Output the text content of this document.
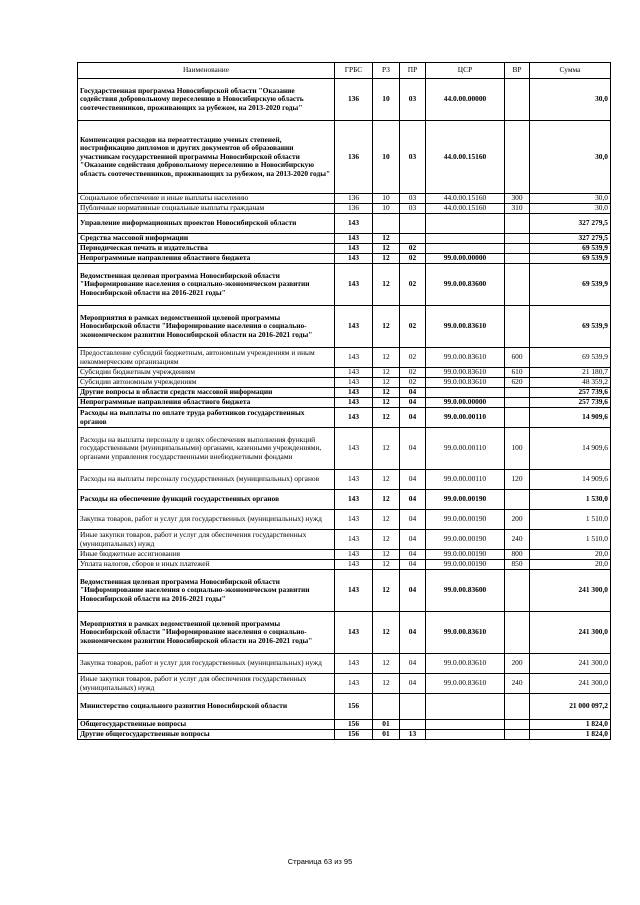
Наименование	ГРБС	РЗ	ПР	ЦСР	ВР	Сумма
Государственная программа Новосибирской области "Оказание содействия добровольному переселению в Новосибирскую область соотечественников, проживающих за рубежом, на 2013-2020 годы"	136	10	03	44.0.00.00000		30,0
Компенсация расходов на переаттестацию ученых степеней, нострификацию дипломов и других документов об образовании участникам государственной программы Новосибирской области "Оказание содействия добровольному переселению в Новосибирскую область соотечественников, проживающих за рубежом, на 2013-2020 годы"	136	10	03	44.0.00.15160		30,0
Социальное обеспечение и иные выплаты населению	136	10	03	44.0.00.15160	300	30,0
Публичные нормативные социальные выплаты гражданам	136	10	03	44.0.00.15160	310	30,0
Управление информационных проектов Новосибирской области	143					327 279,5
Средства массовой информации	143	12				327 279,5
Периодическая печать и издательства	143	12	02			69 539,9
Непрограммные направления областного бюджета	143	12	02	99.0.00.00000		69 539,9
Ведомственная целевая программа Новосибирской области "Информирование населения о социально-экономическом развитии Новосибирской области на 2016-2021 годы"	143	12	02	99.0.00.83600		69 539,9
Мероприятия в рамках ведомственной целевой программы Новосибирской области "Информирование населения о социально-экономическом развитии Новосибирской области на 2016-2021 годы"	143	12	02	99.0.00.83610		69 539,9
Предоставление субсидий бюджетным, автономным учреждениям и иным некоммерческим организациям	143	12	02	99.0.00.83610	600	69 539,9
Субсидии бюджетным учреждениям	143	12	02	99.0.00.83610	610	21 180,7
Субсидии автономным учреждениям	143	12	02	99.0.00.83610	620	48 359,2
Другие вопросы в области средств массовой информации	143	12	04			257 739,6
Непрограммные направления областного бюджета	143	12	04	99.0.00.00000		257 739,6
Расходы на выплаты по оплате труда работников государственных органов	143	12	04	99.0.00.00110		14 909,6
Расходы на выплаты персоналу в целях обеспечения выполнения функций государственными (муниципальными) органами, казенными учреждениями, органами управления государственными внебюджетными фондами	143	12	04	99.0.00.00110	100	14 909,6
Расходы на выплаты персоналу государственных (муниципальных) органов	143	12	04	99.0.00.00110	120	14 909,6
Расходы на обеспечение функций государственных органов	143	12	04	99.0.00.00190		1 530,0
Закупка товаров, работ и услуг для государственных (муниципальных) нужд	143	12	04	99.0.00.00190	200	1 510,0
Иные закупки товаров, работ и услуг для обеспечения государственных (муниципальных) нужд	143	12	04	99.0.00.00190	240	1 510,0
Иные бюджетные ассигнования	143	12	04	99.0.00.00190	800	20,0
Уплата налогов, сборов и иных платежей	143	12	04	99.0.00.00190	850	20,0
Ведомственная целевая программа Новосибирской области "Информирование населения о социально-экономическом развитии Новосибирской области на 2016-2021 годы"	143	12	04	99.0.00.83600		241 300,0
Мероприятия в рамках ведомственной целевой программы Новосибирской области "Информирование населения о социально-экономическом развитии Новосибирской области на 2016-2021 годы"	143	12	04	99.0.00.83610		241 300,0
Закупка товаров, работ и услуг для государственных (муниципальных) нужд	143	12	04	99.0.00.83610	200	241 300,0
Иные закупки товаров, работ и услуг для обеспечения государственных (муниципальных) нужд	143	12	04	99.0.00.83610	240	241 300,0
Министерство социального развития Новосибирской области	156					21 000 097,2
Общегосударственные вопросы	156	01				1 824,0
Другие общегосударственные вопросы	156	01	13			1 824,0
Страница 63 из 95
